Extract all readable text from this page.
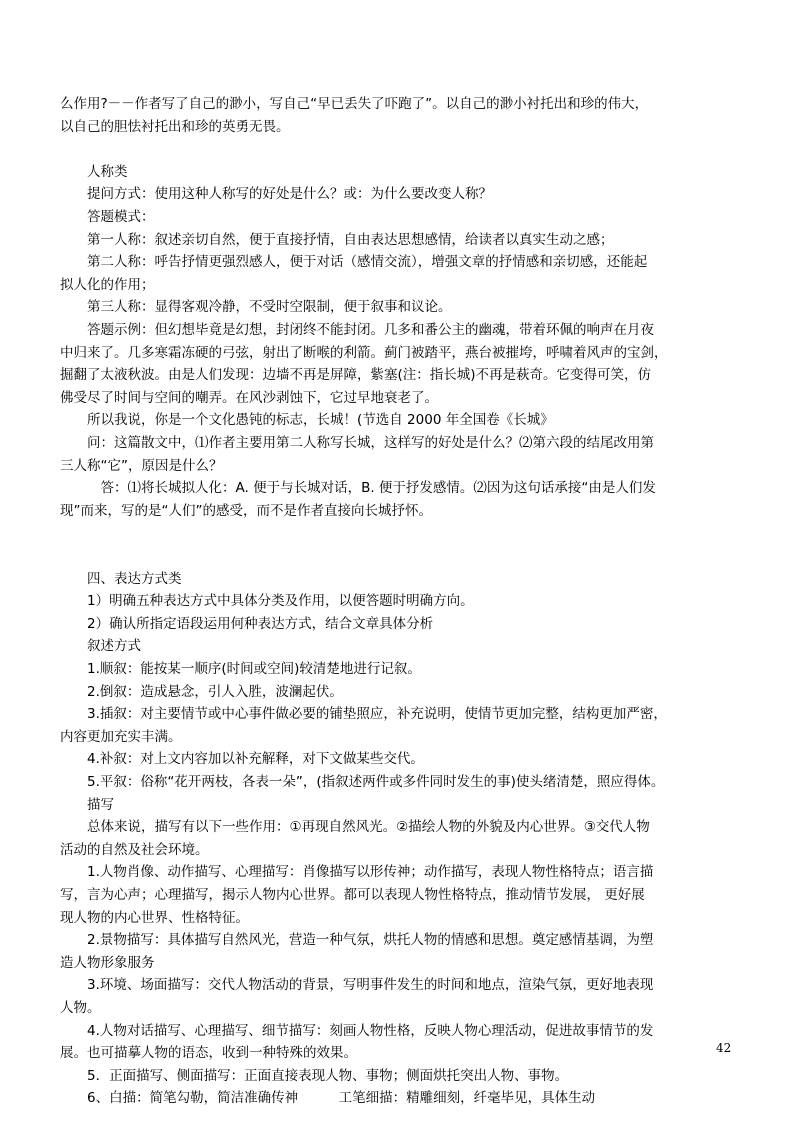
42
么作用?－－作者写了自己的渺小，写自己“早已丢失了吓跑了”。以自己的渺小衬托出和珍的伟大，
以自己的胆怯衬托出和珍的英勇无畏。
　　人称类
　　提问方式：使用这种人称写的好处是什么？或：为什么要改变人称？
　　答题模式：
　　第一人称：叙述亲切自然，便于直接抒情，自由表达思想感情，给读者以真实生动之感；
　　第二人称：呼告抒情更强烈感人，便于对话（感情交流），增强文章的抒情感和亲切感，还能起
拟人化的作用；
　　第三人称：显得客观冷静，不受时空限制，便于叙事和议论。
　　答题示例：但幻想毕竟是幻想，封闭终不能封闭。几多和番公主的幽魂，带着环佩的响声在月夜
中归来了。几多寒霜冻硬的弓弦，射出了断喉的利箭。蓟门被踏平，燕台被摧垮，呼啸着风声的宝剑，
掘翻了太液秋波。由是人们发现：边墙不再是屏障，紫塞(注：指长城)不再是萩奇。它变得可笑，仿
佛受尽了时间与空间的嘲弄。在风沙剥蚀下，它过早地衰老了。
　　所以我说，你是一个文化愚钝的标志，长城！(节选自 2000 年全国卷《长城》
　　问：这篇散文中，⑴作者主要用第二人称写长城，这样写的好处是什么？⑵第六段的结尾改用第
三人称“它”，原因是什么？
　　　答：⑴将长城拟人化：A. 便于与长城对话，B. 便于抒发感情。⑵因为这句话承接“由是人们发
现”而来，写的是“人们”的感受，而不是作者直接向长城抒怀。
　　四、表达方式类
　　1）明确五种表达方式中具体分类及作用，以便答题时明确方向。
　　2）确认所指定语段运用何种表达方式，结合文章具体分析
　　叙述方式
　　1.顺叙：能按某一顺序(时间或空间)较清楚地进行记叙。
　　2.倒叙：造成悬念，引人入胜，波澜起伏。
　　3.插叙：对主要情节或中心事件做必要的铺垫照应，补充说明，使情节更加完整，结构更加严密，
内容更加充实丰满。
　　4.补叙：对上文内容加以补充解释，对下文做某些交代。
　　5.平叙：俗称“花开两枝，各表一朵”，(指叙述两件或多件同时发生的事)使头绪清楚，照应得体。
　　描写
　　总体来说，描写有以下一些作用：①再现自然风光。②描绘人物的外貌及内心世界。③交代人物
活动的自然及社会环境。
　　1.人物肖像、动作描写、心理描写：肖像描写以形传神；动作描写，表现人物性格特点；语言描
写，言为心声；心理描写，揭示人物内心世界。都可以表现人物性格特点，推动情节发展， 更好展
现人物的内心世界、性格特征。
　　2.景物描写：具体描写自然风光，营造一种气氛，烘托人物的情感和思想。奠定感情基调，为塑
造人物形象服务
　　3.环境、场面描写：交代人物活动的背景，写明事件发生的时间和地点，渲染气氛，更好地表现
人物。
　　4.人物对话描写、心理描写、细节描写：刻画人物性格，反映人物心理活动，促进故事情节的发
展。也可描摹人物的语态，收到一种特殊的效果。
　　5．正面描写、侧面描写：正面直接表现人物、事物；侧面烘托突出人物、事物。
　　6、白描：简笔勾勒，简洁准确传神　　　工笔细描：精雕细刻，纤毫毕见，具体生动
